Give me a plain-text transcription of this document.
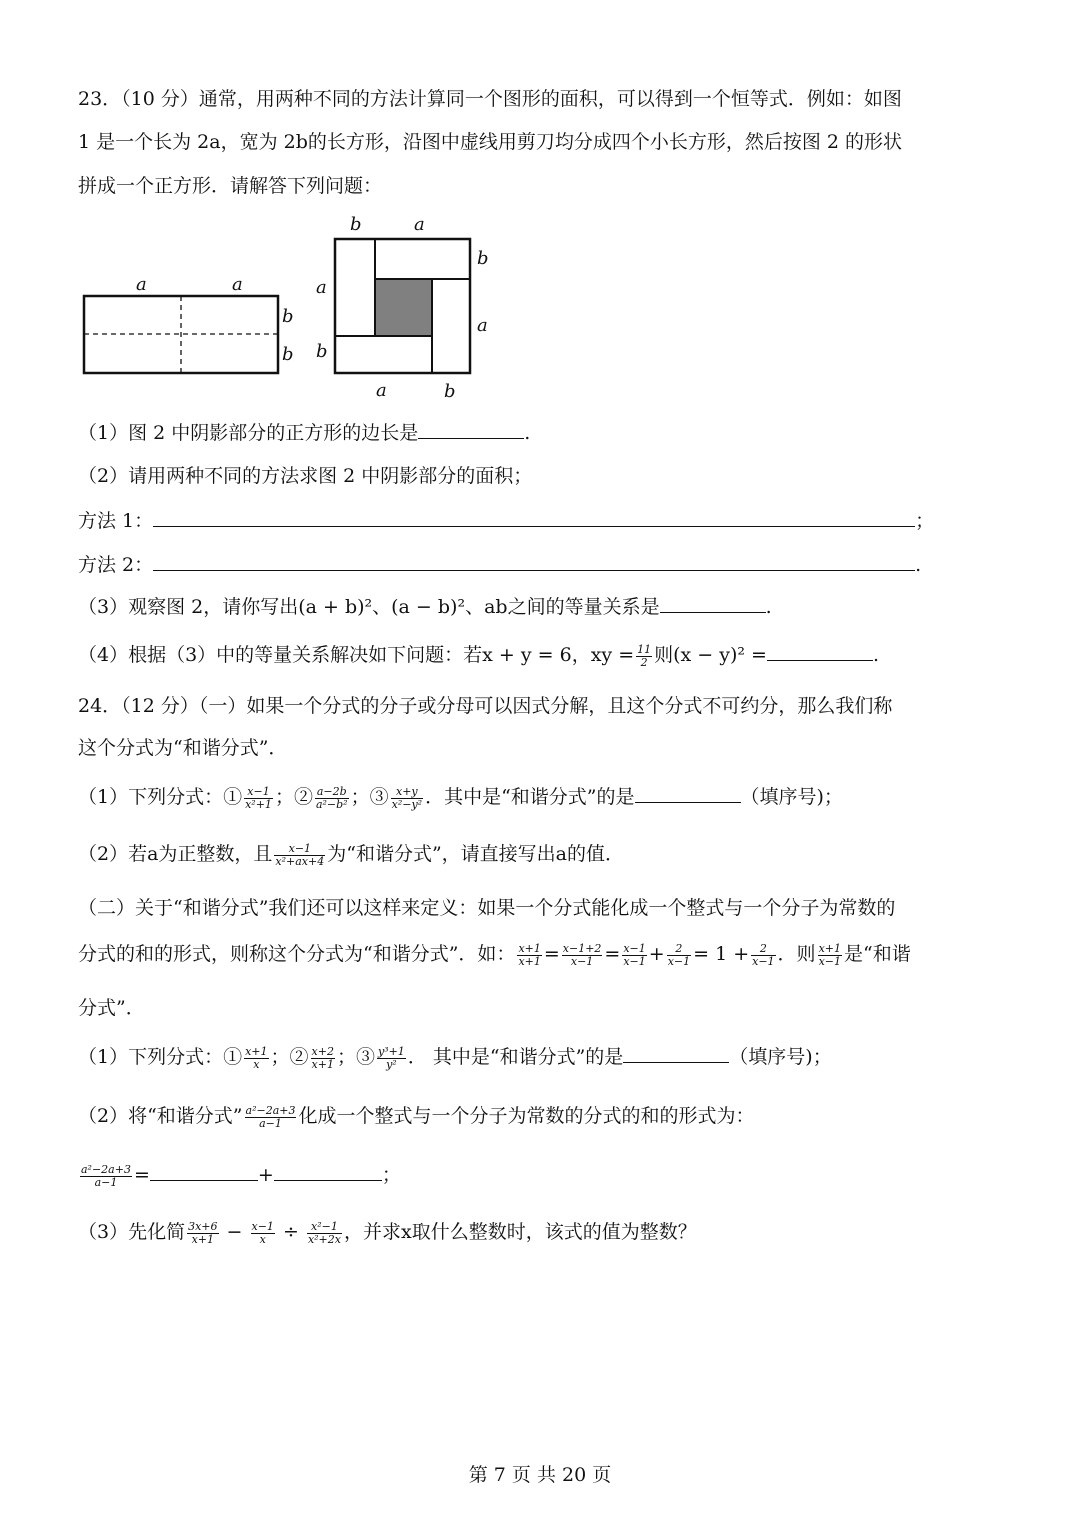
23．（10 分）通常，用两种不同的方法计算同一个图形的面积，可以得到一个恒等式．例如：如图
1 是一个长为 2a，宽为 2b的长方形，沿图中虚线用剪刀均分成四个小长方形，然后按图 2 的形状
拼成一个正方形．请解答下列问题：
a	a
b
b
b	a
b
a
a
b
a	b
（1）图 2 中阴影部分的正方形的边长是	.
（2）请用两种不同的方法求图 2 中阴影部分的面积；
方法 1：	；
方法 2：	.
（3）观察图 2，请你写出(a + b)²、(a − b)²、ab之间的等量关系是	.
（4）根据（3）中的等量关系解决如下问题：若x + y = 6，xy = $\frac{11}{2}$ 则(x − y)² =	.
24．（12 分）（一）如果一个分式的分子或分母可以因式分解，且这个分式不可约分，那么我们称
这个分式为“和谐分式”．
（1）下列分式：① $\frac{x-1}{\text{x²+1}}$ ；② $\frac{a-2b}{\text{a²−b²}}$ ；③ $\frac{x+y}{\text{x²−y²}}$ ．其中是“和谐分式”的是	（填序号)；
（2）若a为正整数，且 $\frac{x-1}{\text{x²+ax+4}}$ 为“和谐分式”，请直接写出a的值．
（二）关于“和谐分式”我们还可以这样来定义：如果一个分式能化成一个整式与一个分子为常数的
分式的和的形式，则称这个分式为“和谐分式”．如： $\frac{x+1}{x+1} = \frac{x-1+2}{x-1} = \frac{x-1}{x-1} + \frac{2}{x-1} = 1 + \frac{2}{x-1}$ ．则 $\frac{x+1}{x-1}$ 是“和谐
分式”．
（1）下列分式：① $\frac{x+1}{x}$ ；② $\frac{x+2}{x+1}$ ；③ $\frac{\text{y³+1}}{\text{y²}}$ ． 其中是“和谐分式”的是	（填序号)；
（2）将“和谐分式” $\frac{\text{a²−2a+3}}{a-1}$ 化成一个整式与一个分子为常数的分式的和的形式为：
$\frac{\text{a²−2a+3}}{a-1}$ =	+	；
（3）先化简 $\frac{3x+6}{x+1} - \frac{x-1}{x} \div \frac{\text{x²−1}}{\text{x²+2x}}$ ，并求x取什么整数时，该式的值为整数？
第 7 页 共 20 页
